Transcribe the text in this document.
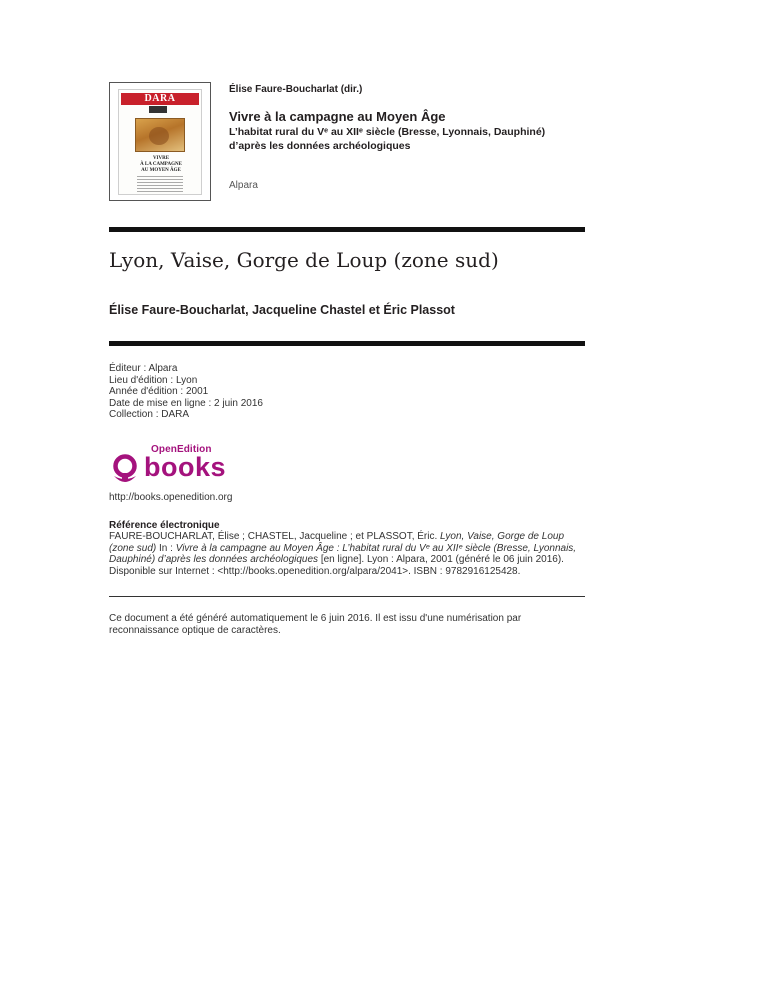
DARA
VIVRE
À LA CAMPAGNE
AU MOYEN ÂGE
Élise Faure-Boucharlat (dir.)
Vivre à la campagne au Moyen Âge
L’habitat rural du Vᵉ au XIIᵉ siècle (Bresse, Lyonnais, Dauphiné)
d’après les données archéologiques
Alpara
Lyon, Vaise, Gorge de Loup (zone sud)
Élise Faure-Boucharlat, Jacqueline Chastel et Éric Plassot
Éditeur : Alpara
Lieu d'édition : Lyon
Année d'édition : 2001
Date de mise en ligne : 2 juin 2016
Collection : DARA
OpenEdition
books
http://books.openedition.org
Référence électronique
FAURE-BOUCHARLAT, Élise ; CHASTEL, Jacqueline ; et PLASSOT, Éric. Lyon, Vaise, Gorge de Loup (zone sud) In : Vivre à la campagne au Moyen Âge : L’habitat rural du Vᵉ au XIIᵉ siècle (Bresse, Lyonnais, Dauphiné) d’après les données archéologiques [en ligne]. Lyon : Alpara, 2001 (généré le 06 juin 2016). Disponible sur Internet : <http://books.openedition.org/alpara/2041>. ISBN : 9782916125428.
Ce document a été généré automatiquement le 6 juin 2016. Il est issu d'une numérisation par reconnaissance optique de caractères.
